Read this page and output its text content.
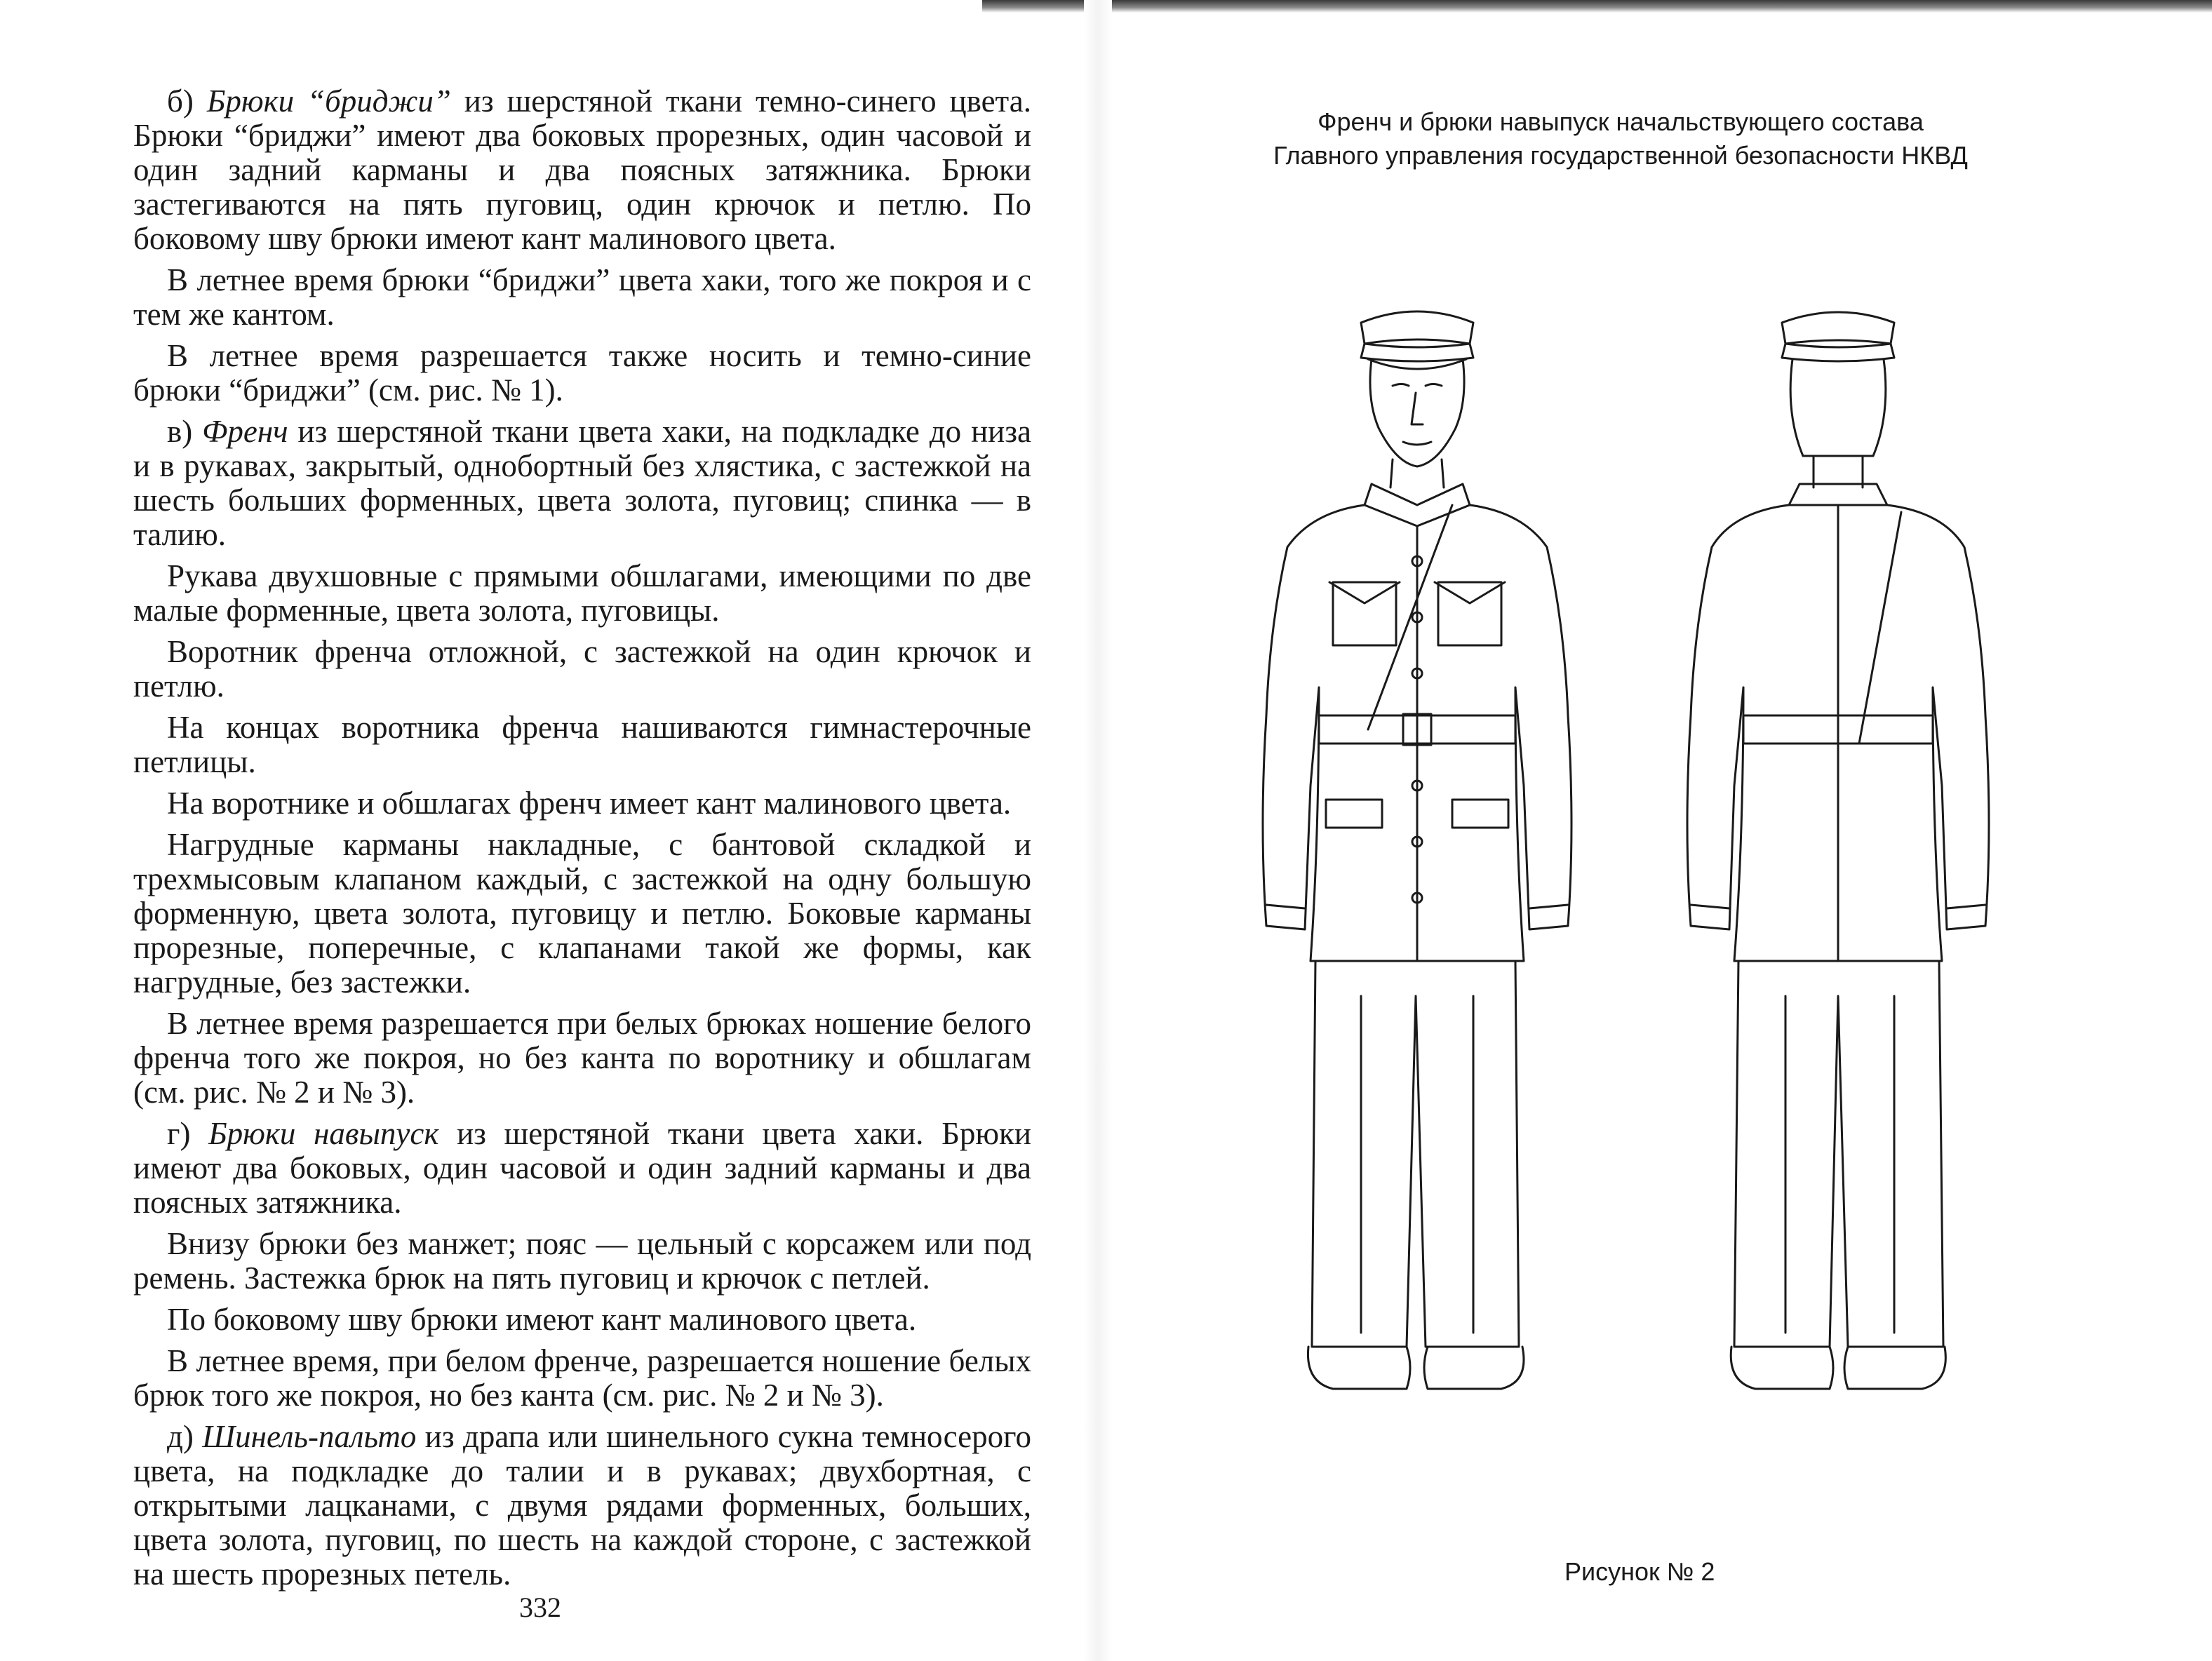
б) Брюки “бриджи” из шерстяной ткани темно-синего цвета. Брюки “бриджи” имеют два боковых прорезных, один часовой и один задний карманы и два поясных затяжника. Брюки застегиваются на пять пуговиц, один крючок и петлю. По боковому шву брюки имеют кант малинового цвета.

В летнее время брюки “бриджи” цвета хаки, того же покроя и с тем же кантом.

В летнее время разрешается также носить и темно-синие брюки “бриджи” (см. рис. № 1).

в) Френч из шерстяной ткани цвета хаки, на подкладке до низа и в рукавах, закрытый, однобортный без хлястика, с застежкой на шесть больших форменных, цвета золота, пуговиц; спинка — в талию.

Рукава двухшовные с прямыми обшлагами, имеющими по две малые форменные, цвета золота, пуговицы.

Воротник френча отложной, с застежкой на один крючок и петлю.

На концах воротника френча нашиваются гимнастерочные петлицы.

На воротнике и обшлагах френч имеет кант малинового цвета.

Нагрудные карманы накладные, с бантовой складкой и трехмысовым клапаном каждый, с застежкой на одну большую форменную, цвета золота, пуговицу и петлю. Боковые карманы прорезные, поперечные, с клапанами такой же формы, как нагрудные, без застежки.

В летнее время разрешается при белых брюках ношение белого френча того же покроя, но без канта по воротнику и обшлагам (см. рис. № 2 и № 3).

г) Брюки навыпуск из шерстяной ткани цвета хаки. Брюки имеют два боковых, один часовой и один задний карманы и два поясных затяжника.

Внизу брюки без манжет; пояс — цельный с корсажем или под ремень. Застежка брюк на пять пуговиц и крючок с петлей.

По боковому шву брюки имеют кант малинового цвета.

В летнее время, при белом френче, разрешается ношение белых брюк того же покроя, но без канта (см. рис. № 2 и № 3).

д) Шинель-пальто из драпа или шинельного сукна темносерого цвета, на подкладке до талии и в рукавах; двухбортная, с открытыми лацканами, с двумя рядами форменных, больших, цвета золота, пуговиц, по шесть на каждой стороне, с застежкой на шесть прорезных петель.

332
Френч и брюки навыпуск начальствующего состава
Главного управления государственной безопасности НКВД
Рисунок № 2
